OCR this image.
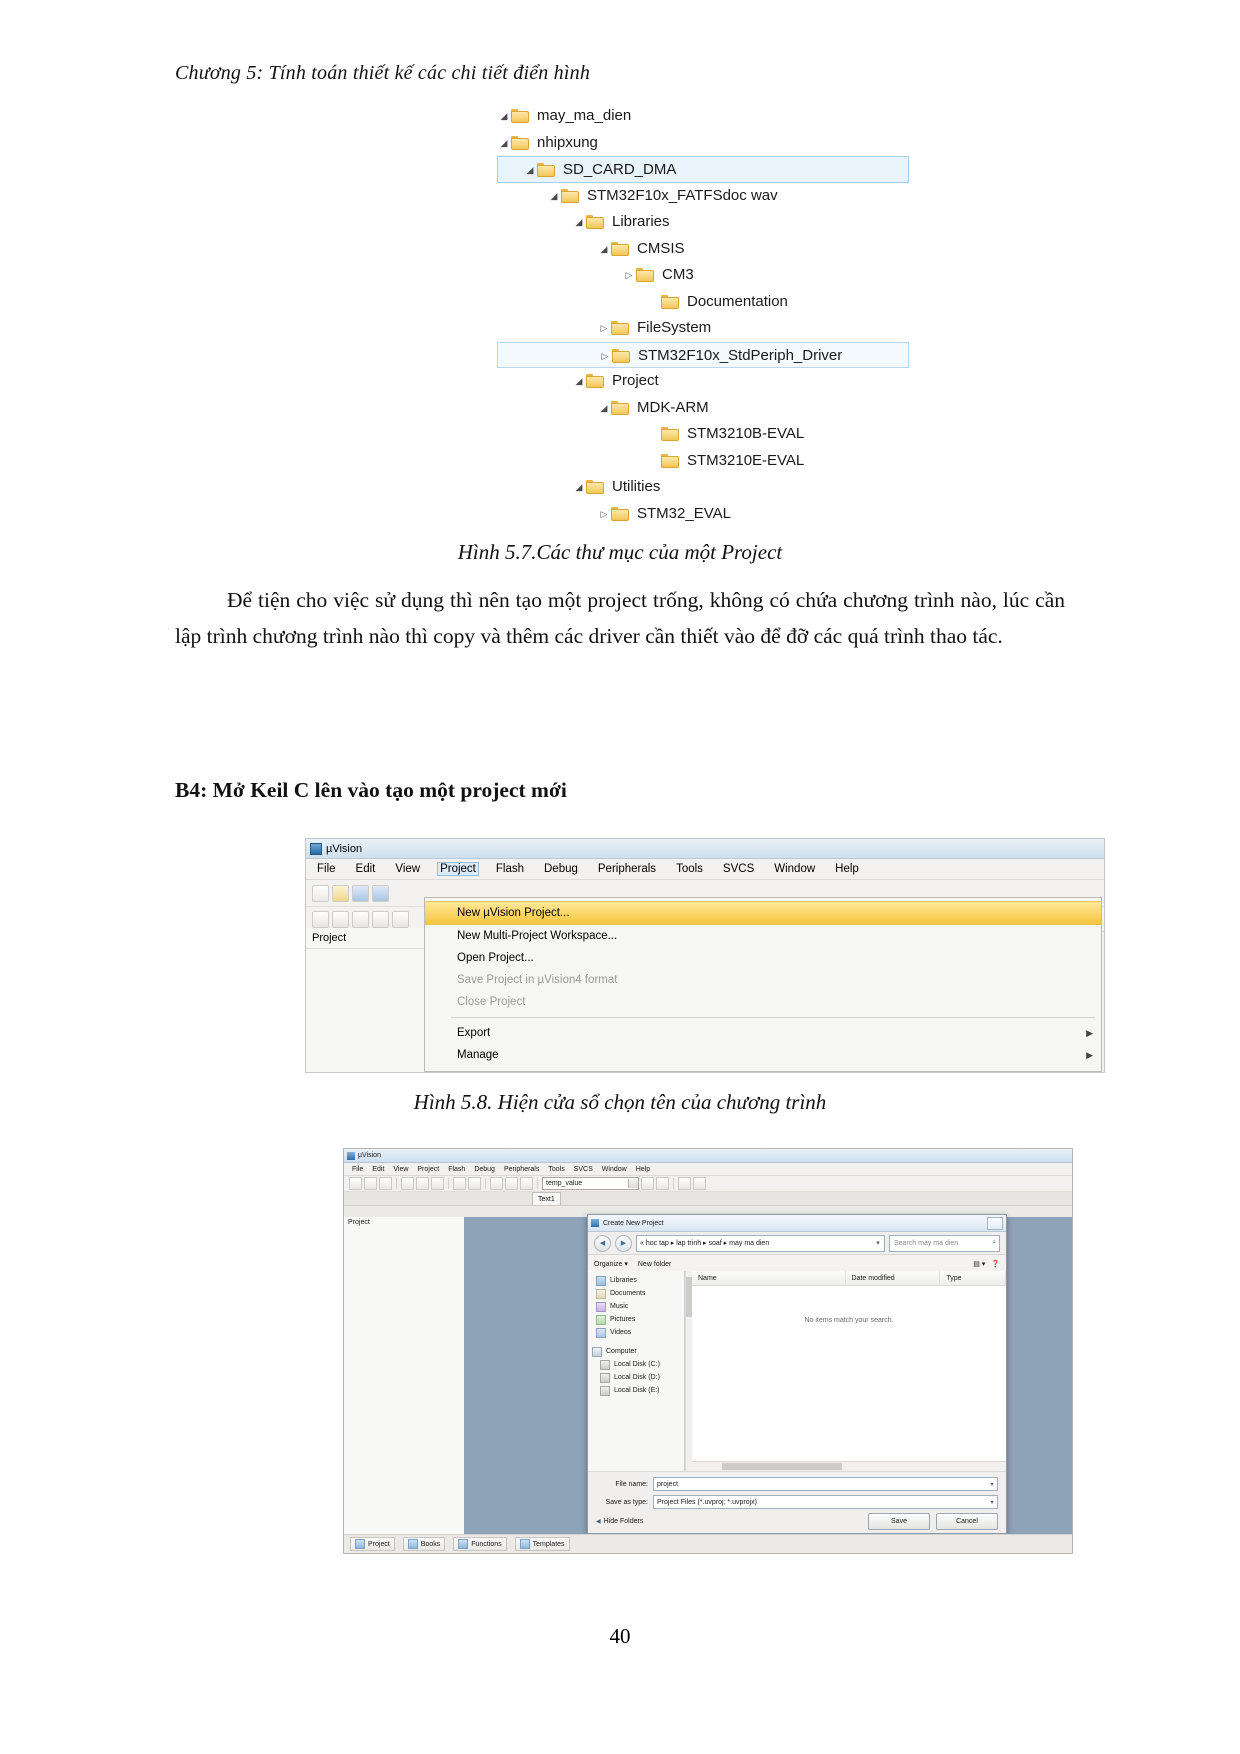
Chương 5: Tính toán thiết kế các chi tiết điển hình
◢ may_ma_dien
◢ nhipxung
◢ SD_CARD_DMA
◢ STM32F10x_FATFSdoc wav
◢ Libraries
◢ CMSIS
▷ CM3
Documentation
▷ FileSystem
▷ STM32F10x_StdPeriph_Driver
◢ Project
◢ MDK-ARM
STM3210B-EVAL
STM3210E-EVAL
◢ Utilities
▷ STM32_EVAL
Hình 5.7.Các thư mục của một Project
Để tiện cho việc sử dụng thì nên tạo một project trống, không có chứa chương trình nào, lúc cần lập trình chương trình nào thì copy và thêm các driver cần thiết vào để đỡ các quá trình thao tác.
B4: Mở Keil C lên vào tạo một project mới
µVision
File Edit View Project Flash Debug Peripherals Tools SVCS Window Help
Project
New µVision Project...
New Multi-Project Workspace...
Open Project...
Save Project in µVision4 format
Close Project
Export	▶
Manage	▶
Hình 5.8. Hiện cửa sổ chọn tên của chương trình
µVision
File Edit View Project Flash Debug Peripherals Tools SVCS Window Help
temp_value
Text1
Project	Create New Project
◀	▶	« hoc tap ▸ lap trinh ▸ soaf ▸ may ma dien	▾	Search may ma dien	⌕
Organize ▾ New folder	▤ ▾ ❓
Libraries
Documents
Music
Pictures
Videos
Computer
Local Disk (C:)
Local Disk (D:)
Local Disk (E:)
Name	Date modified	Type
No items match your search.
File name: project	▾
Save as type: Project Files (*.uvproj; *.uvprojx)	▾
◀ Hide Folders	Save	Cancel
Project	Books	Functions	Templates
40
